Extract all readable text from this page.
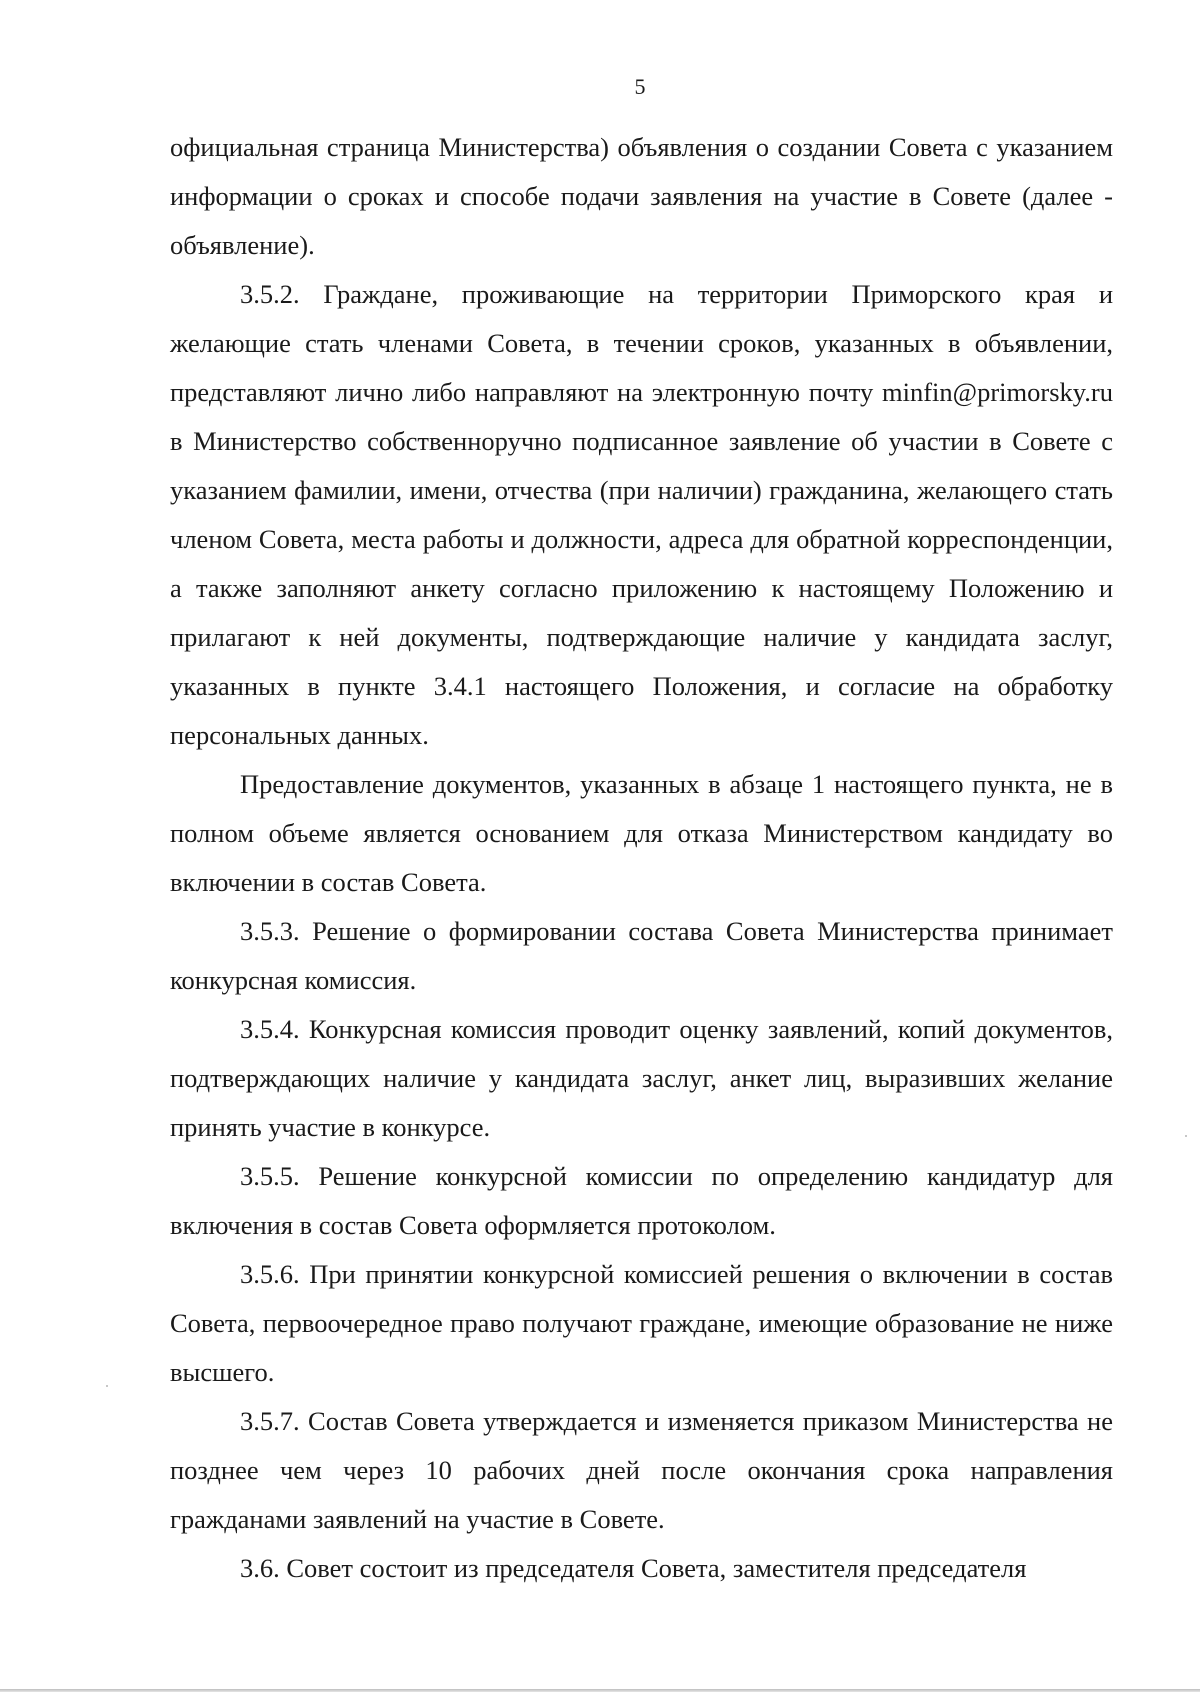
5

официальная страница Министерства) объявления о создании Совета с указанием информации о сроках и способе подачи заявления на участие в Совете (далее - объявление).

3.5.2. Граждане, проживающие на территории Приморского края и желающие стать членами Совета, в течении сроков, указанных в объявлении, представляют лично либо направляют на электронную почту minfin@primorsky.ru в Министерство собственноручно подписанное заявление об участии в Совете с указанием фамилии, имени, отчества (при наличии) гражданина, желающего стать членом Совета, места работы и должности, адреса для обратной корреспонденции, а также заполняют анкету согласно приложению к настоящему Положению и прилагают к ней документы, подтверждающие наличие у кандидата заслуг, указанных в пункте 3.4.1 настоящего Положения, и согласие на обработку персональных данных.

Предоставление документов, указанных в абзаце 1 настоящего пункта, не в полном объеме является основанием для отказа Министерством кандидату во включении в состав Совета.

3.5.3. Решение о формировании состава Совета Министерства принимает конкурсная комиссия.

3.5.4. Конкурсная комиссия проводит оценку заявлений, копий документов, подтверждающих наличие у кандидата заслуг, анкет лиц, выразивших желание принять участие в конкурсе.

3.5.5. Решение конкурсной комиссии по определению кандидатур для включения в состав Совета оформляется протоколом.

3.5.6. При принятии конкурсной комиссией решения о включении в состав Совета, первоочередное право получают граждане, имеющие образование не ниже высшего.

3.5.7. Состав Совета утверждается и изменяется приказом Министерства не позднее чем через 10 рабочих дней после окончания срока направления гражданами заявлений на участие в Совете.

3.6. Совет состоит из председателя Совета, заместителя председателя
